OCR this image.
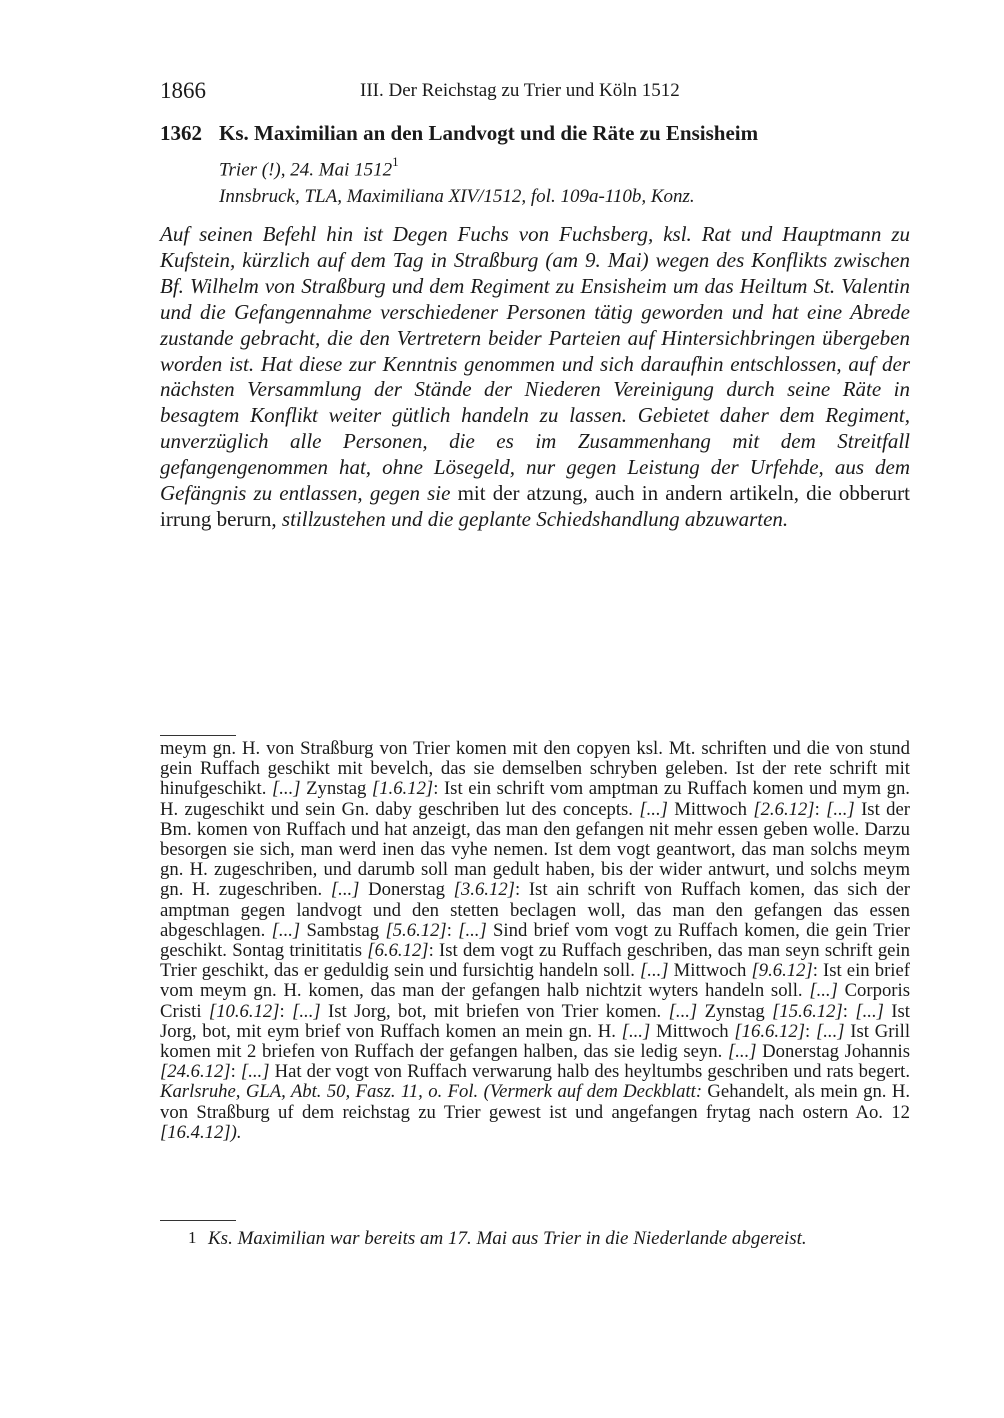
1866	III. Der Reichstag zu Trier und Köln 1512
1362 Ks. Maximilian an den Landvogt und die Räte zu Ensisheim
Trier (!), 24. Mai 1512$^1$
Innsbruck, TLA, Maximiliana XIV/1512, fol. 109a-110b, Konz.

Auf seinen Befehl hin ist Degen Fuchs von Fuchsberg, ksl. Rat und Hauptmann zu Kufstein, kürzlich auf dem Tag in Straßburg (am 9. Mai) wegen des Konflikts zwischen Bf. Wilhelm von Straßburg und dem Regiment zu Ensisheim um das Heiltum St. Valentin und die Gefangennahme verschiedener Personen tätig geworden und hat eine Abrede zustande gebracht, die den Vertretern beider Parteien auf Hintersichbringen übergeben worden ist. Hat diese zur Kenntnis genommen und sich daraufhin entschlossen, auf der nächsten Versammlung der Stände der Niederen Vereinigung durch seine Räte in besagtem Konflikt weiter gütlich handeln zu lassen. Gebietet daher dem Regiment, unverzüglich alle Personen, die es im Zusammenhang mit dem Streitfall gefangengenommen hat, ohne Lösegeld, nur gegen Leistung der Urfehde, aus dem Gefängnis zu entlassen, gegen sie mit der atzung, auch in andern artikeln, die obberurt irrung berurn, stillzustehen und die geplante Schiedshandlung abzuwarten.

meym gn. H. von Straßburg von Trier komen mit den copyen ksl. Mt. schriften und die von stund gein Ruffach geschikt mit bevelch, das sie demselben schryben geleben. Ist der rete schrift mit hinufgeschikt. [...] Zynstag [1.6.12]: Ist ein schrift vom amptman zu Ruffach komen und mym gn. H. zugeschikt und sein Gn. daby geschriben lut des concepts. [...] Mittwoch [2.6.12]: [...] Ist der Bm. komen von Ruffach und hat anzeigt, das man den gefangen nit mehr essen geben wolle. Darzu besorgen sie sich, man werd inen das vyhe nemen. Ist dem vogt geantwort, das man solchs meym gn. H. zugeschriben, und darumb soll man gedult haben, bis der wider antwurt, und solchs meym gn. H. zugeschriben. [...] Donerstag [3.6.12]: Ist ain schrift von Ruffach komen, das sich der amptman gegen landvogt und den stetten beclagen woll, das man den gefangen das essen abgeschlagen. [...] Sambstag [5.6.12]: [...] Sind brief vom vogt zu Ruffach komen, die gein Trier geschikt. Sontag trinititatis [6.6.12]: Ist dem vogt zu Ruffach geschriben, das man seyn schrift gein Trier geschikt, das er geduldig sein und fursichtig handeln soll. [...] Mittwoch [9.6.12]: Ist ein brief vom meym gn. H. komen, das man der gefangen halb nichtzit wyters handeln soll. [...] Corporis Cristi [10.6.12]: [...] Ist Jorg, bot, mit briefen von Trier komen. [...] Zynstag [15.6.12]: [...] Ist Jorg, bot, mit eym brief von Ruffach komen an mein gn. H. [...] Mittwoch [16.6.12]: [...] Ist Grill komen mit 2 briefen von Ruffach der gefangen halben, das sie ledig seyn. [...] Donerstag Johannis [24.6.12]: [...] Hat der vogt von Ruffach verwarung halb des heyltumbs geschriben und rats begert. Karlsruhe, GLA, Abt. 50, Fasz. 11, o. Fol. (Vermerk auf dem Deckblatt: Gehandelt, als mein gn. H. von Straßburg uf dem reichstag zu Trier gewest ist und angefangen frytag nach ostern Ao. 12 [16.4.12]).

1 Ks. Maximilian war bereits am 17. Mai aus Trier in die Niederlande abgereist.
